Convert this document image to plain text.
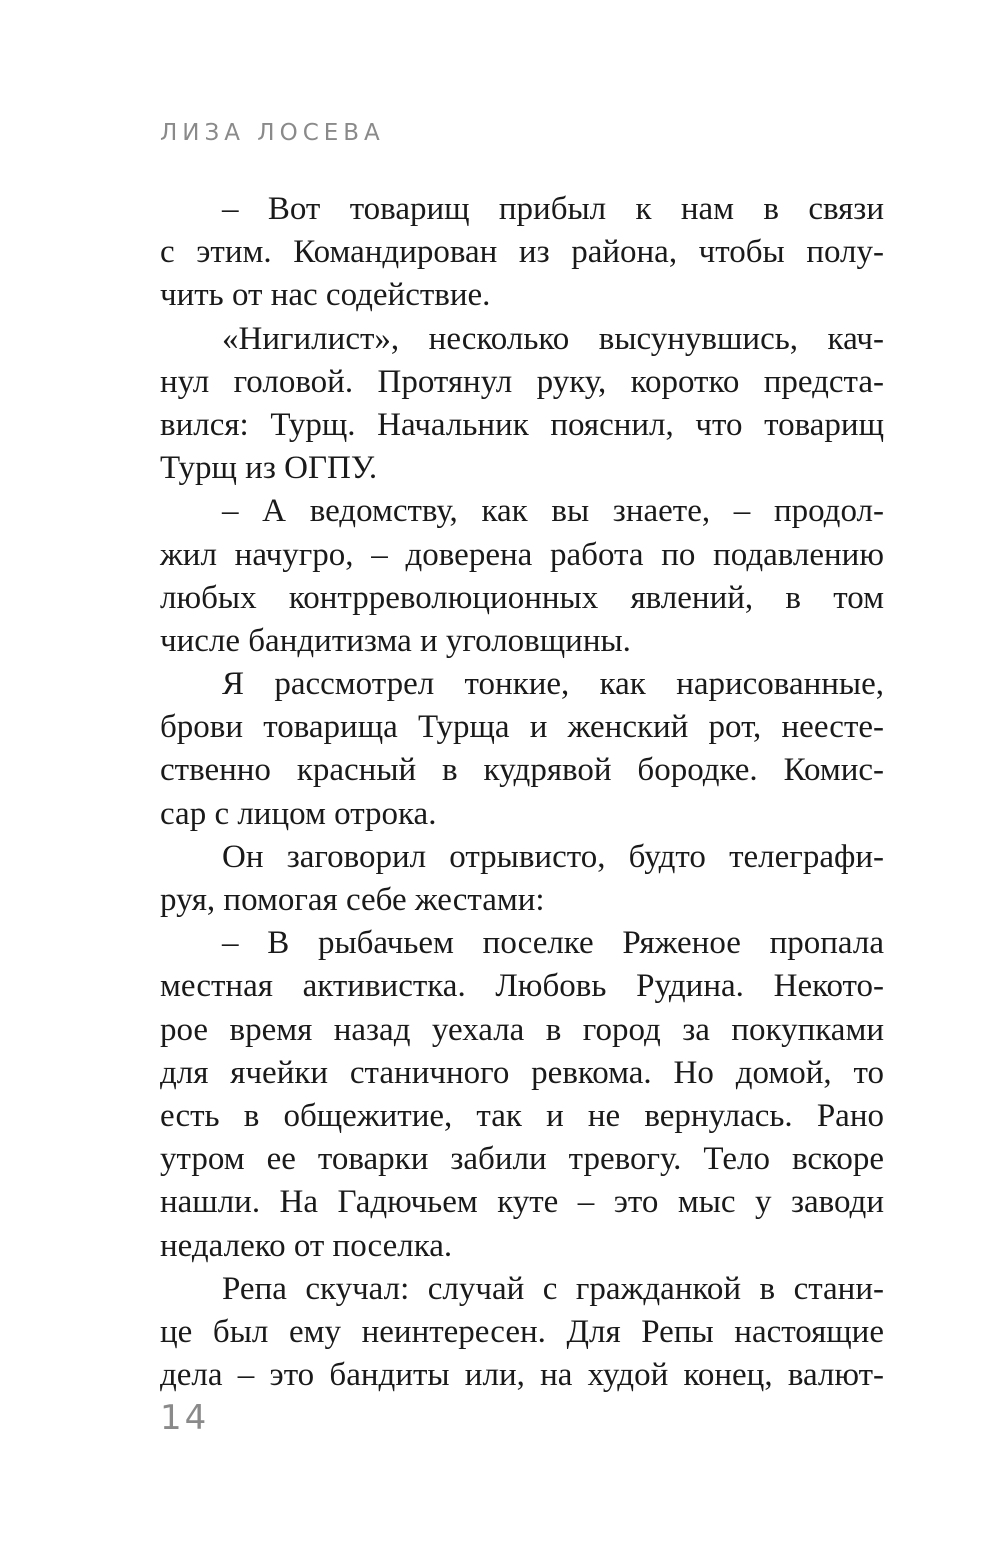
ЛИЗА ЛОСЕВА
– Вот товарищ прибыл к нам в связи
с этим. Командирован из района, чтобы полу-
чить от нас содействие.
«Нигилист», несколько высунувшись, кач-
нул головой. Протянул руку, коротко предста-
вился: Турщ. Начальник пояснил, что товарищ
Турщ из ОГПУ.
– А ведомству, как вы знаете, – продол-
жил начугро, – доверена работа по подавлению
любых контрреволюционных явлений, в том
числе бандитизма и уголовщины.
Я рассмотрел тонкие, как нарисованные,
брови товарища Турща и женский рот, неесте-
ственно красный в кудрявой бородке. Комис-
сар с лицом отрока.
Он заговорил отрывисто, будто телеграфи-
руя, помогая себе жестами:
– В рыбачьем поселке Ряженое пропала
местная активистка. Любовь Рудина. Некото-
рое время назад уехала в город за покупками
для ячейки станичного ревкома. Но домой, то
есть в общежитие, так и не вернулась. Рано
утром ее товарки забили тревогу. Тело вскоре
нашли. На Гадючьем куте – это мыс у заводи
недалеко от поселка.
Репа скучал: случай с гражданкой в стани-
це был ему неинтересен. Для Репы настоящие
дела – это бандиты или, на худой конец, валют-
14
